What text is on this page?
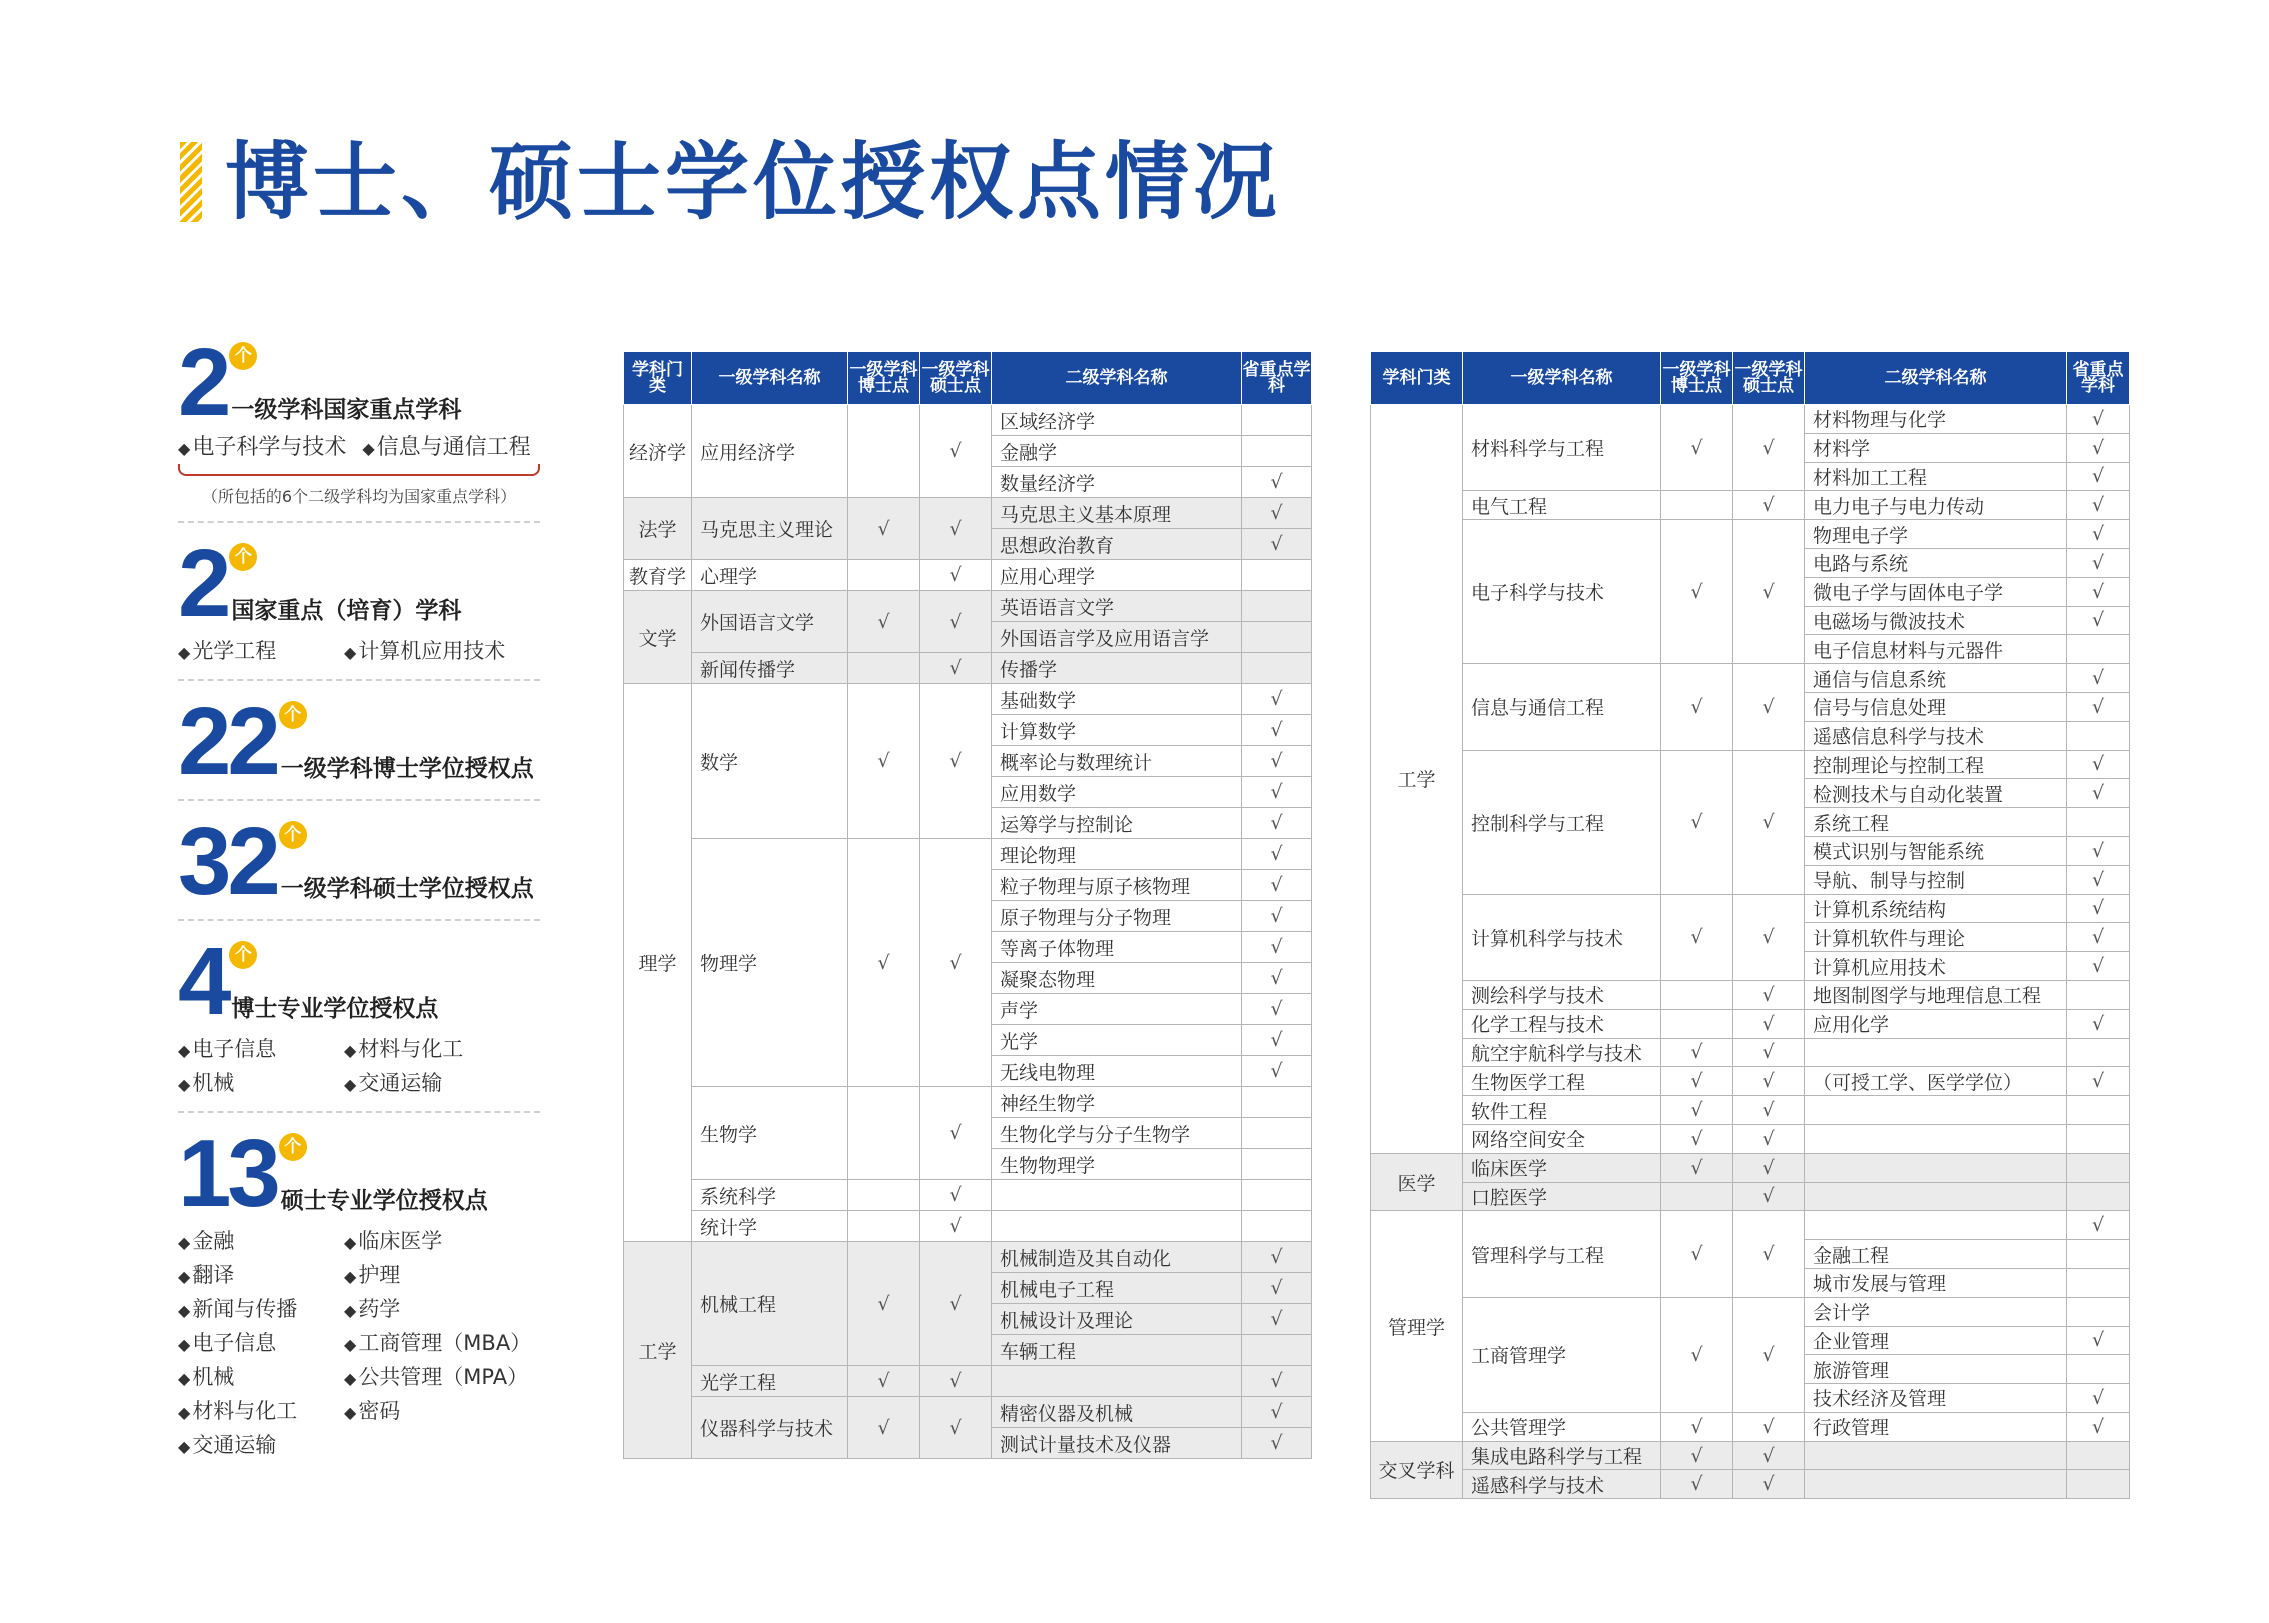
博士、硕士学位授权点情况
2 个
一级学科国家重点学科
◆ 电子科学与技术	◆ 信息与通信工程
（所包括的6个二级学科均为国家重点学科）
2 个
国家重点（培育）学科
◆ 光学工程	◆ 计算机应用技术
22 个
一级学科博士学位授权点
32 个
一级学科硕士学位授权点
4 个
博士专业学位授权点
◆ 电子信息	◆ 材料与化工
◆ 机械	◆ 交通运输
13 个
硕士专业学位授权点
◆ 金融	◆ 临床医学
◆ 翻译	◆ 护理
◆ 新闻与传播	◆ 药学
◆ 电子信息	◆ 工商管理（MBA）
◆ 机械	◆ 公共管理（MPA）
◆ 材料与化工	◆ 密码
◆ 交通运输
学科门类	一级学科名称	一级学科博士点	一级学科硕士点	二级学科名称	省重点学科
经济学	应用经济学		√	区域经济学	
				金融学	
				数量经济学	√
法学	马克思主义理论	√	√	马克思主义基本原理	√
				思想政治教育	√
教育学	心理学		√	应用心理学	
文学	外国语言文学	√	√	英语语言文学	
				外国语言学及应用语言学	
	新闻传播学		√	传播学	
理学	数学	√	√	基础数学	√
				计算数学	√
				概率论与数理统计	√
				应用数学	√
				运筹学与控制论	√
	物理学	√	√	理论物理	√
				粒子物理与原子核物理	√
				原子物理与分子物理	√
				等离子体物理	√
				凝聚态物理	√
				声学	√
				光学	√
				无线电物理	√
	生物学		√	神经生物学	
				生物化学与分子生物学	
				生物物理学	
	系统科学		√		
	统计学		√		
工学	机械工程	√	√	机械制造及其自动化	√
				机械电子工程	√
				机械设计及理论	√
				车辆工程	
	光学工程	√	√		√
	仪器科学与技术	√	√	精密仪器及机械	√
				测试计量技术及仪器	√
学科门类	一级学科名称	一级学科博士点	一级学科硕士点	二级学科名称	省重点学科
工学	材料科学与工程	√	√	材料物理与化学	√
				材料学	√
				材料加工工程	√
	电气工程		√	电力电子与电力传动	√
	电子科学与技术	√	√	物理电子学	√
				电路与系统	√
				微电子学与固体电子学	√
				电磁场与微波技术	√
				电子信息材料与元器件	
	信息与通信工程	√	√	通信与信息系统	√
				信号与信息处理	√
				遥感信息科学与技术	
	控制科学与工程	√	√	控制理论与控制工程	√
				检测技术与自动化装置	√
				系统工程	
				模式识别与智能系统	√
				导航、制导与控制	√
	计算机科学与技术	√	√	计算机系统结构	√
				计算机软件与理论	√
				计算机应用技术	√
	测绘科学与技术		√	地图制图学与地理信息工程	
	化学工程与技术		√	应用化学	√
	航空宇航科学与技术	√	√		
	生物医学工程	√	√	（可授工学、医学学位）	√
	软件工程	√	√		
	网络空间安全	√	√		
医学	临床医学	√	√		
	口腔医学		√		
管理学	管理科学与工程	√	√		√
				金融工程	
				城市发展与管理	
	工商管理学	√	√	会计学	
				企业管理	√
				旅游管理	
				技术经济及管理	√
	公共管理学	√	√	行政管理	√
交叉学科	集成电路科学与工程	√	√		
	遥感科学与技术	√	√		
